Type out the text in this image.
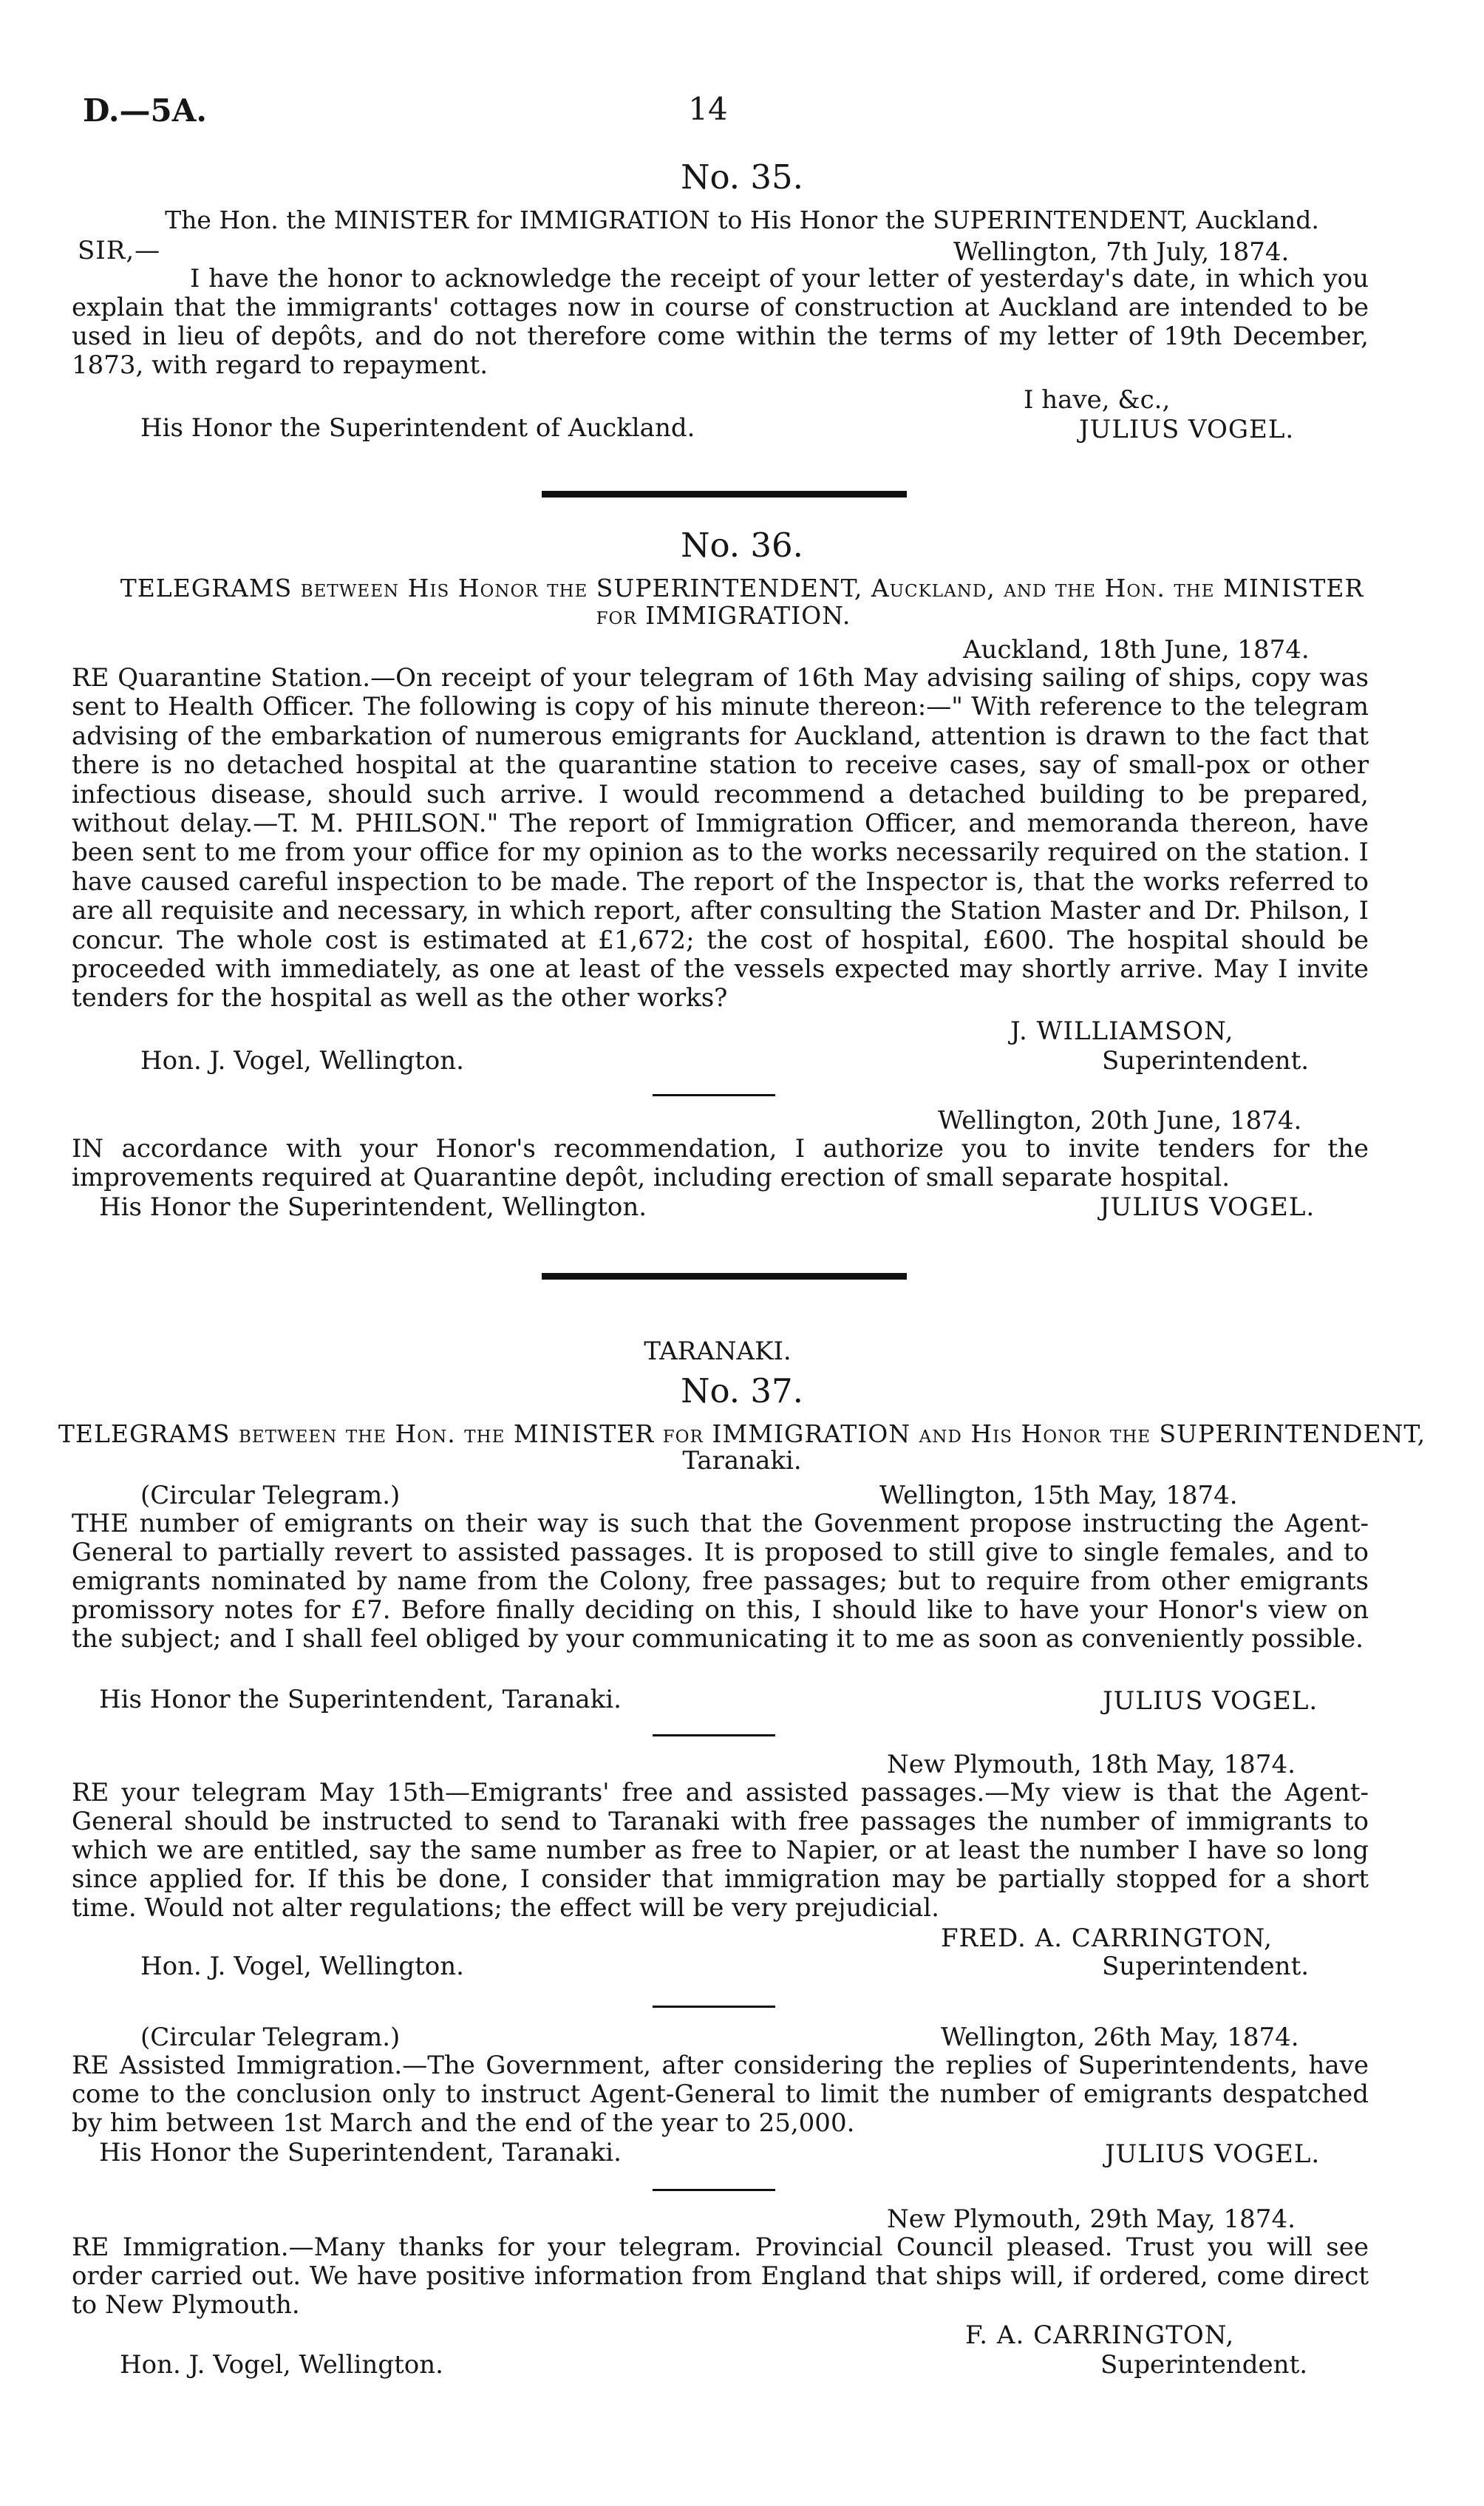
D.—5A.	14
No. 35.
The Hon. the MINISTER for IMMIGRATION to His Honor the SUPERINTENDENT, Auckland.
SIR,—	Wellington, 7th July, 1874.
I have the honor to acknowledge the receipt of your letter of yesterday's date, in which you explain that the immigrants' cottages now in course of construction at Auckland are intended to be used in lieu of depôts, and do not therefore come within the terms of my letter of 19th December, 1873, with regard to repayment.
I have, &c.,
His Honor the Superintendent of Auckland.	JULIUS VOGEL.
No. 36.
TELEGRAMS between His Honor the SUPERINTENDENT, Auckland, and the Hon. the MINISTER
for IMMIGRATION.
Auckland, 18th June, 1874.
RE Quarantine Station.—On receipt of your telegram of 16th May advising sailing of ships, copy was sent to Health Officer. The following is copy of his minute thereon:—" With reference to the telegram advising of the embarkation of numerous emigrants for Auckland, attention is drawn to the fact that there is no detached hospital at the quarantine station to receive cases, say of small-pox or other infectious disease, should such arrive. I would recommend a detached building to be prepared, without delay.—T. M. PHILSON." The report of Immigration Officer, and memoranda thereon, have been sent to me from your office for my opinion as to the works necessarily required on the station. I have caused careful inspection to be made. The report of the Inspector is, that the works referred to are all requisite and necessary, in which report, after consulting the Station Master and Dr. Philson, I concur. The whole cost is estimated at £1,672; the cost of hospital, £600. The hospital should be proceeded with immediately, as one at least of the vessels expected may shortly arrive. May I invite tenders for the hospital as well as the other works?
J. WILLIAMSON,
Hon. J. Vogel, Wellington.	Superintendent.
Wellington, 20th June, 1874.
IN accordance with your Honor's recommendation, I authorize you to invite tenders for the improvements required at Quarantine depôt, including erection of small separate hospital.
His Honor the Superintendent, Wellington.	JULIUS VOGEL.
TARANAKI.
No. 37.
TELEGRAMS between the Hon. the MINISTER for IMMIGRATION and His Honor the SUPERINTENDENT,
Taranaki.
(Circular Telegram.)	Wellington, 15th May, 1874.
THE number of emigrants on their way is such that the Govenment propose instructing the Agent-General to partially revert to assisted passages. It is proposed to still give to single females, and to emigrants nominated by name from the Colony, free passages; but to require from other emigrants promissory notes for £7. Before finally deciding on this, I should like to have your Honor's view on the subject; and I shall feel obliged by your communicating it to me as soon as conveniently possible.
His Honor the Superintendent, Taranaki.	JULIUS VOGEL.
New Plymouth, 18th May, 1874.
RE your telegram May 15th—Emigrants' free and assisted passages.—My view is that the Agent-General should be instructed to send to Taranaki with free passages the number of immigrants to which we are entitled, say the same number as free to Napier, or at least the number I have so long since applied for. If this be done, I consider that immigration may be partially stopped for a short time. Would not alter regulations; the effect will be very prejudicial.
FRED. A. CARRINGTON,
Hon. J. Vogel, Wellington.	Superintendent.
(Circular Telegram.)	Wellington, 26th May, 1874.
RE Assisted Immigration.—The Government, after considering the replies of Superintendents, have come to the conclusion only to instruct Agent-General to limit the number of emigrants despatched by him between 1st March and the end of the year to 25,000.
His Honor the Superintendent, Taranaki.	JULIUS VOGEL.
New Plymouth, 29th May, 1874.
RE Immigration.—Many thanks for your telegram. Provincial Council pleased. Trust you will see order carried out. We have positive information from England that ships will, if ordered, come direct to New Plymouth.
F. A. CARRINGTON,
Hon. J. Vogel, Wellington.	Superintendent.
